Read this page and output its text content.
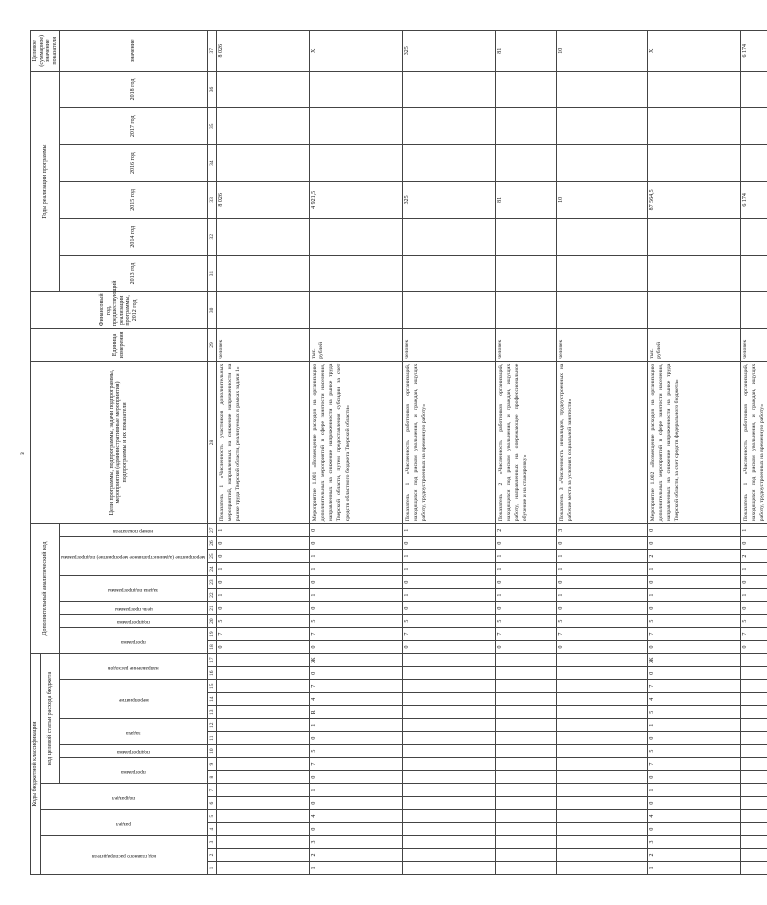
з
Коды бюджетной классификации																	Дополнительный аналитический код										Цели программы, подпрограммы, задачи подпрограммы, мероприятия (административные мероприятия) подпрограммы и их показатели	Единица измерения	Финансовый год, предшествующий реализации программы, 2012 год	Годы реализации программы						Целевое (суммарное) значение показателя

код главного распорядителя			раздел		подраздел		код целевой статьи расхода бюджета																													

							программа		подпрограмма	задача		мероприятие			направление расходов		программа		подпрограмма	цель программы	задача подпрограммы		мероприятие (административное мероприятие) подпрограммы			номер показателя				2013 год	2014 год	2015 год	2016 год	2017 год	2018 год	значение
1	2	3	4	5	6	7	8	9	10	11	12	13	14	15	16	17	18	19	20	21	22	23	24	25	26	27	28	29	30	31	32	33	34	35	36	37
																	0	7	5	0	1	0	1	0	0	1	Показатель 1 «Численность участников дополнительных мероприятий, направленных на снижение напряженности на рынке труда Тверской области, реализуемых в рамках задачи 1»	человек				8 026				8 026
1	2	3	0	4	0	1	0	7	5	0	1	R	4	7	0	Ж	0	7	5	0	1	0	1	1	0	0	Мероприятие 1.001 «Возмещение расходов на организацию дополнительных мероприятий в сфере занятости населения, направленных на снижение напряженности на рынке труда Тверской области, путем предоставления субсидии за счет средств областного бюджета Тверской области»	тыс. рублей				4 921,5				Х
																	0	7	5	0	1	0	1	1	0	1	Показатель 1 «Численность работников организаций, находящихся под риском увольнения, и граждан, ищущих работу, трудоустроенных на временную работу»	человек				325				325
																	0	7	5	0	1	0	1	1	0	2	Показатель 2 «Численность работников организаций, находящихся под риском увольнения, и граждан, ищущих работу, направленных на опережающее профессиональное обучение и на стажировку»	человек				81				81
																	0	7	5	0	1	0	1	1	0	3	Показатель 3 «Численность инвалидов, трудоустроенных на рабочие места за условиях социальной занятости»	человек				10				10
1	2	3	0	4	0	1	0	7	5	0	1	5	4	7	0	Ж	0	7	5	0	1	0	1	2	0	0	Мероприятие 1.002 «Возмещение расходов на организацию дополнительных мероприятий в сфере занятости населения, направленных на снижение напряженности на рынке труда Тверской области, за счет средств федерального бюджета»	тыс. рублей				87 564,5				Х
																	0	7	5	0	1	0	1	2	0	1	Показатель 1 «Численность работников организаций, находящихся под риском увольнения, и граждан, ищущих работу, трудоустроенных на временную работу»	человек				6 174				6 174
